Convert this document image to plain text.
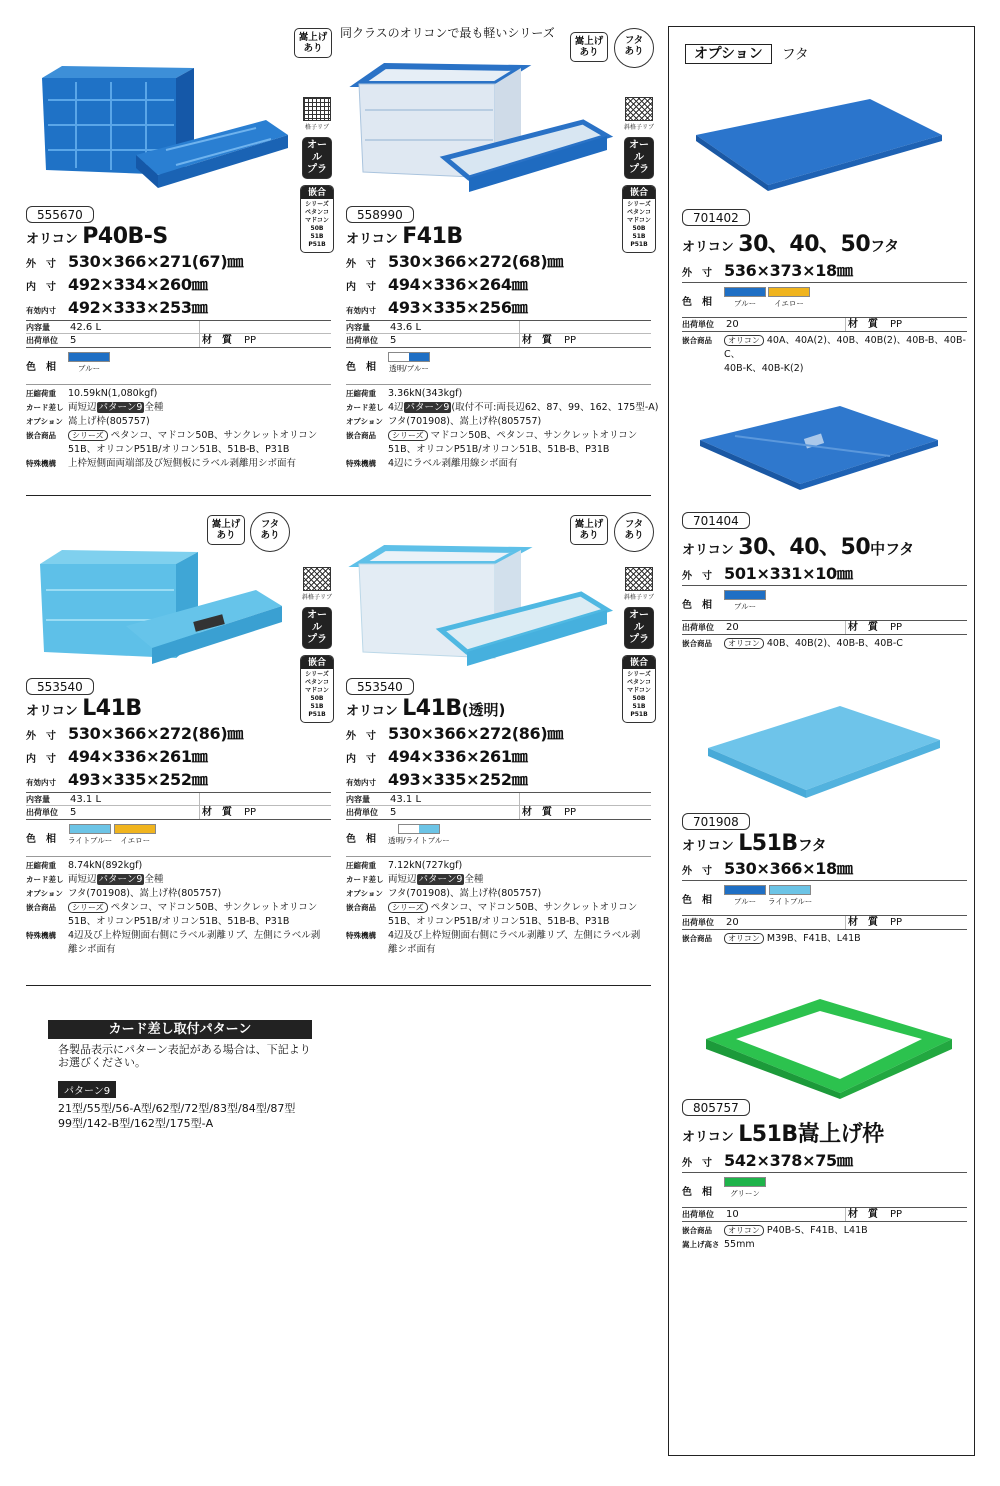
同クラスのオリコンで最も軽いシリーズ
嵩上げ
あり
格子リブ
オール
プラ
嵌合
シリーズ
ペタンコ
マドコン50B
51B
P51B
嵩上げ
あり
フタ
あり
斜格子リブ
オール
プラ
嵌合
シリーズ
ペタンコ
マドコン50B
51B
P51B
555670
オリコン P40B-S
外　寸 530×366×271(67)㎜
内　寸 492×334×260㎜
有効内寸 492×333×253㎜
内容量	42.6 L
出荷単位	5	材　質 PP
色　相	ブルー
圧縮荷重	10.59kN(1,080kgf)
カード差し 両短辺 パターン9 全種
オプション 嵩上げ枠(805757)
嵌合商品	シリーズ ペタンコ、マドコン50B、サンクレットオリコン
51B、オリコンP51B/オリコン51B、51B-B、P31B
特殊機構	上枠短側面両端部及び短側板にラベル剥離用シボ面有

558990
オリコン F41B
外　寸 530×366×272(68)㎜
内　寸 494×336×264㎜
有効内寸 493×335×256㎜
内容量	43.6 L
出荷単位	5	材　質 PP
色　相	透明/ブルー
圧縮荷重	3.36kN(343kgf)
カード差し 4辺 パターン9 (取付不可:両長辺62、87、99、162、175型-A)
オプション フタ(701908)、嵩上げ枠(805757)
嵌合商品	シリーズ マドコン50B、ペタンコ、サンクレットオリコン
51B、オリコンP51B/オリコン51B、51B-B、P31B
特殊機構	4辺にラベル剥離用線シボ面有

嵩上げ
あり
フタ
あり
斜格子リブ
オール
プラ
嵌合
シリーズ
ペタンコ
マドコン50B
51B
P51B
嵩上げ
あり
フタ
あり
斜格子リブ
オール
プラ
嵌合
シリーズ
ペタンコ
マドコン50B
51B
P51B
553540
オリコン L41B
外　寸 530×366×272(86)㎜
内　寸 494×336×261㎜
有効内寸 493×335×252㎜
内容量	43.1 L
出荷単位	5	材　質 PP
色　相	ライトブルー イエロー
圧縮荷重	8.74kN(892kgf)
カード差し 両短辺 パターン9 全種
オプション フタ(701908)、嵩上げ枠(805757)
嵌合商品	シリーズ ペタンコ、マドコン50B、サンクレットオリコン
51B、オリコンP51B/オリコン51B、51B-B、P31B
特殊機構	4辺及び上枠短側面右側にラベル剥離リブ、左側にラベル剥
離シボ面有
553540
オリコン L41B(透明)
外　寸 530×366×272(86)㎜
内　寸 494×336×261㎜
有効内寸 493×335×252㎜
内容量	43.1 L
出荷単位	5	材　質 PP
色　相	透明/ライトブルー
圧縮荷重	7.12kN(727kgf)
カード差し 両短辺 パターン9 全種
オプション フタ(701908)、嵩上げ枠(805757)
嵌合商品	シリーズ ペタンコ、マドコン50B、サンクレットオリコン
51B、オリコンP51B/オリコン51B、51B-B、P31B
特殊機構	4辺及び上枠短側面右側にラベル剥離リブ、左側にラベル剥
離シボ面有
カード差し取付パターン
各製品表示にパターン表記がある場合は、下記より
お選びください。
パターン9
21型/55型/56-A型/62型/72型/83型/84型/87型
99型/142-B型/162型/175型-A
オプション	フタ
701402
オリコン 30、40、50フタ
外　寸 536×373×18㎜
色　相	ブルー イエロー
出荷単位	20	材　質 PP
嵌合商品	オリコン 40A、40A(2)、40B、40B(2)、40B-B、40B-C、
40B-K、40B-K(2)
701404
オリコン 30、40、50中フタ
外　寸 501×331×10㎜
色　相	ブルー
出荷単位	20	材　質 PP
嵌合商品	オリコン 40B、40B(2)、40B-B、40B-C
701908
オリコン L51Bフタ
外　寸 530×366×18㎜
色　相	ブルー ライトブルー
出荷単位	20	材　質 PP
嵌合商品	オリコン M39B、F41B、L41B
805757
オリコン L51B嵩上げ枠
外　寸 542×378×75㎜
色　相	グリーン
出荷単位	10	材　質 PP
嵌合商品	オリコン P40B-S、F41B、L41B
嵩上げ高さ 55mm
